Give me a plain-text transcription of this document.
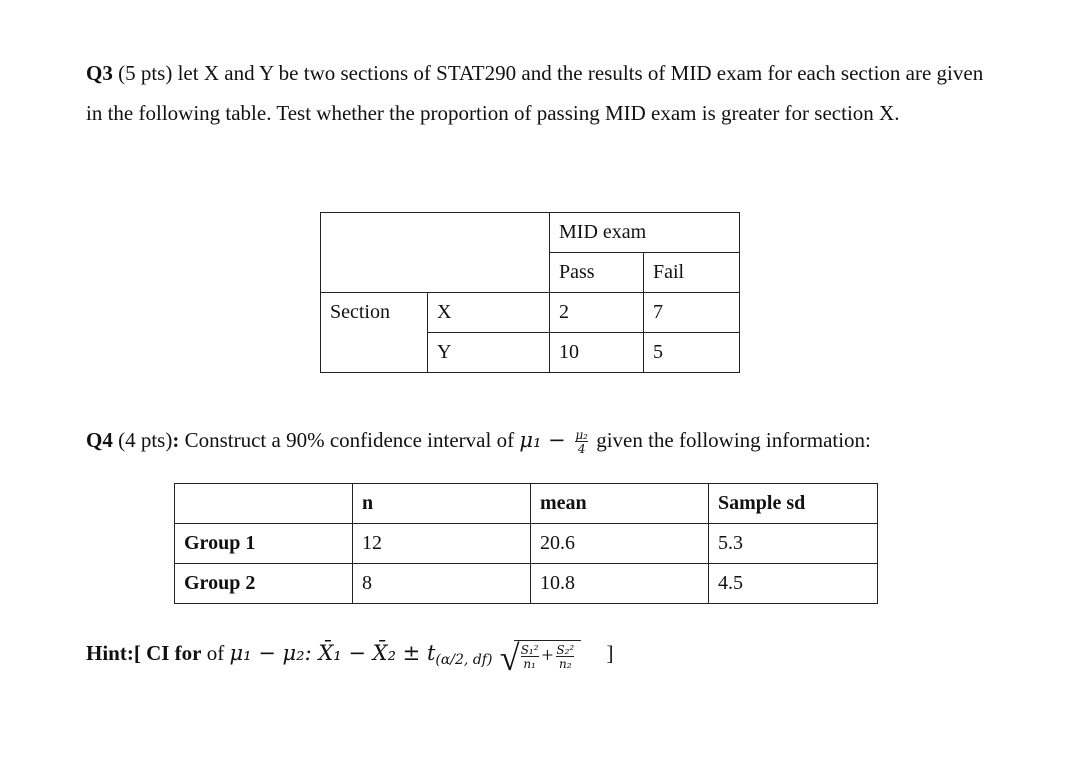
Q3 (5 pts) let X and Y be two sections of STAT290 and the results of MID exam for each section are given in the following table. Test whether the proportion of passing MID exam is greater for section X.
		MID exam	
		Pass	Fail
Section	X	2	7
	Y	10	5
Q4 (4 pts): Construct a 90% confidence interval of $\mu_1 - \frac{\text{μ₂}}{4}$ given the following information:
	n	mean	Sample sd
Group 1	12	20.6	5.3
Group 2	8	10.8	4.5
Hint:[ CI for of μ₁ − μ₂: X̄₁ − X̄₂ ± t(α/2, df) √ $\frac{\text{S₁²}}{\text{n₁}} + \frac{\text{S₂²}}{\text{n₂}}$ ]
